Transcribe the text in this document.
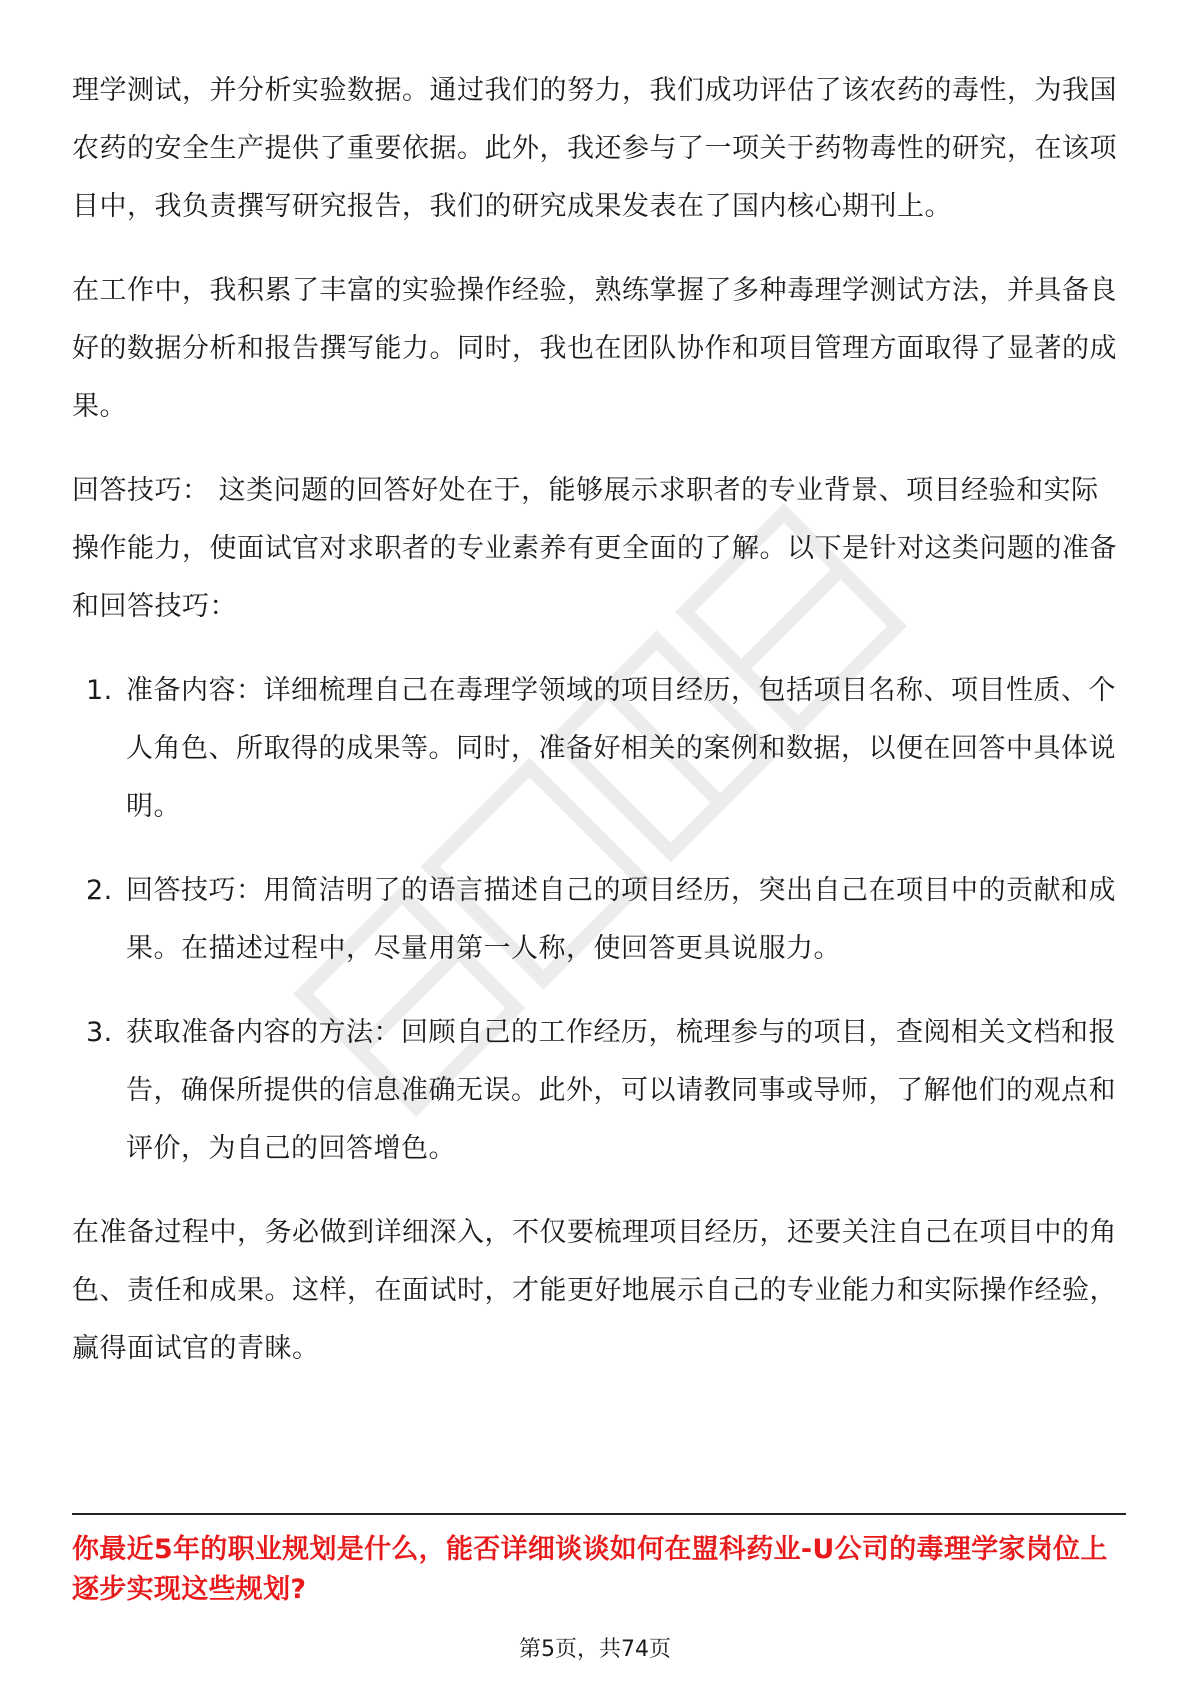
理学测试，并分析实验数据。通过我们的努力，我们成功评估了该农药的毒性，为我国农药的安全生产提供了重要依据。此外，我还参与了一项关于药物毒性的研究，在该项目中，我负责撰写研究报告，我们的研究成果发表在了国内核心期刊上。

在工作中，我积累了丰富的实验操作经验，熟练掌握了多种毒理学测试方法，并具备良好的数据分析和报告撰写能力。同时，我也在团队协作和项目管理方面取得了显著的成果。

回答技巧： 这类问题的回答好处在于，能够展示求职者的专业背景、项目经验和实际操作能力，使面试官对求职者的专业素养有更全面的了解。以下是针对这类问题的准备和回答技巧：

1. 准备内容：详细梳理自己在毒理学领域的项目经历，包括项目名称、项目性质、个人角色、所取得的成果等。同时，准备好相关的案例和数据，以便在回答中具体说明。
2. 回答技巧：用简洁明了的语言描述自己的项目经历，突出自己在项目中的贡献和成果。在描述过程中，尽量用第一人称，使回答更具说服力。
3. 获取准备内容的方法：回顾自己的工作经历，梳理参与的项目，查阅相关文档和报告，确保所提供的信息准确无误。此外，可以请教同事或导师，了解他们的观点和评价，为自己的回答增色。

在准备过程中，务必做到详细深入，不仅要梳理项目经历，还要关注自己在项目中的角色、责任和成果。这样，在面试时，才能更好地展示自己的专业能力和实际操作经验，赢得面试官的青睐。

你最近5年的职业规划是什么，能否详细谈谈如何在盟科药业-U公司的毒理学家岗位上逐步实现这些规划?
第5页，共74页
